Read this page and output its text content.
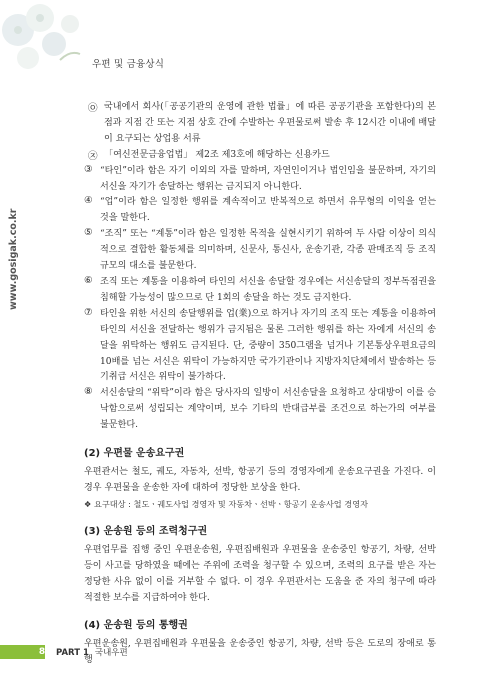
우편 및 금융상식
www.gosigak.co.kr
㉧ 국내에서 회사(「공공기관의 운영에 관한 법률」에 따른 공공기관을 포함한다)의 본점과 지점 간 또는 지점 상호 간에 수발하는 우편물로써 발송 후 12시간 이내에 배달이 요구되는 상업용 서류
㉨ 「여신전문금융업법」 제2조 제3호에 해당하는 신용카드
③ “타인”이라 함은 자기 이외의 자를 말하며, 자연인이거나 법인임을 불문하며, 자기의 서신을 자기가 송달하는 행위는 금지되지 아니한다.
④ “업”이라 함은 일정한 행위를 계속적이고 반복적으로 하면서 유무형의 이익을 얻는 것을 말한다.
⑤ “조직” 또는 “계통”이라 함은 일정한 목적을 실현시키기 위하여 두 사람 이상이 의식적으로 결합한 활동체를 의미하며, 신문사, 통신사, 운송기관, 각종 판매조직 등 조직규모의 대소를 불문한다.
⑥ 조직 또는 계통을 이용하여 타인의 서신을 송달할 경우에는 서신송달의 정부독점권을 침해할 가능성이 많으므로 단 1회의 송달을 하는 것도 금지한다.
⑦ 타인을 위한 서신의 송달행위를 업(業)으로 하거나 자기의 조직 또는 계통을 이용하여 타인의 서신을 전달하는 행위가 금지됨은 물론 그러한 행위를 하는 자에게 서신의 송달을 위탁하는 행위도 금지된다. 단, 중량이 350그램을 넘거나 기본통상우편요금의 10배를 넘는 서신은 위탁이 가능하지만 국가기관이나 지방자치단체에서 발송하는 등기취급 서신은 위탁이 불가하다.
⑧ 서신송달의 “위탁”이라 함은 당사자의 일방이 서신송달을 요청하고 상대방이 이를 승낙함으로써 성립되는 계약이며, 보수 기타의 반대급부를 조건으로 하는가의 여부를 불문한다.
(2) 우편물 운송요구권

우편관서는 철도, 궤도, 자동차, 선박, 항공기 등의 경영자에게 운송요구권을 가진다. 이 경우 우편물을 운송한 자에 대하여 정당한 보상을 한다.

❖ 요구대상 : 철도ㆍ궤도사업 경영자 및 자동차ㆍ선박ㆍ항공기 운송사업 경영자
(3) 운송원 등의 조력청구권

우편업무를 집행 중인 우편운송원, 우편집배원과 우편물을 운송중인 항공기, 차량, 선박 등이 사고를 당하였을 때에는 주위에 조력을 청구할 수 있으며, 조력의 요구를 받은 자는 정당한 사유 없이 이를 거부할 수 없다. 이 경우 우편관서는 도움을 준 자의 청구에 따라 적절한 보수를 지급하여야 한다.

(4) 운송원 등의 통행권

우편운송원, 우편집배원과 우편물을 운송중인 항공기, 차량, 선박 등은 도로의 장애로 통행

8	PART 1 국내우편
